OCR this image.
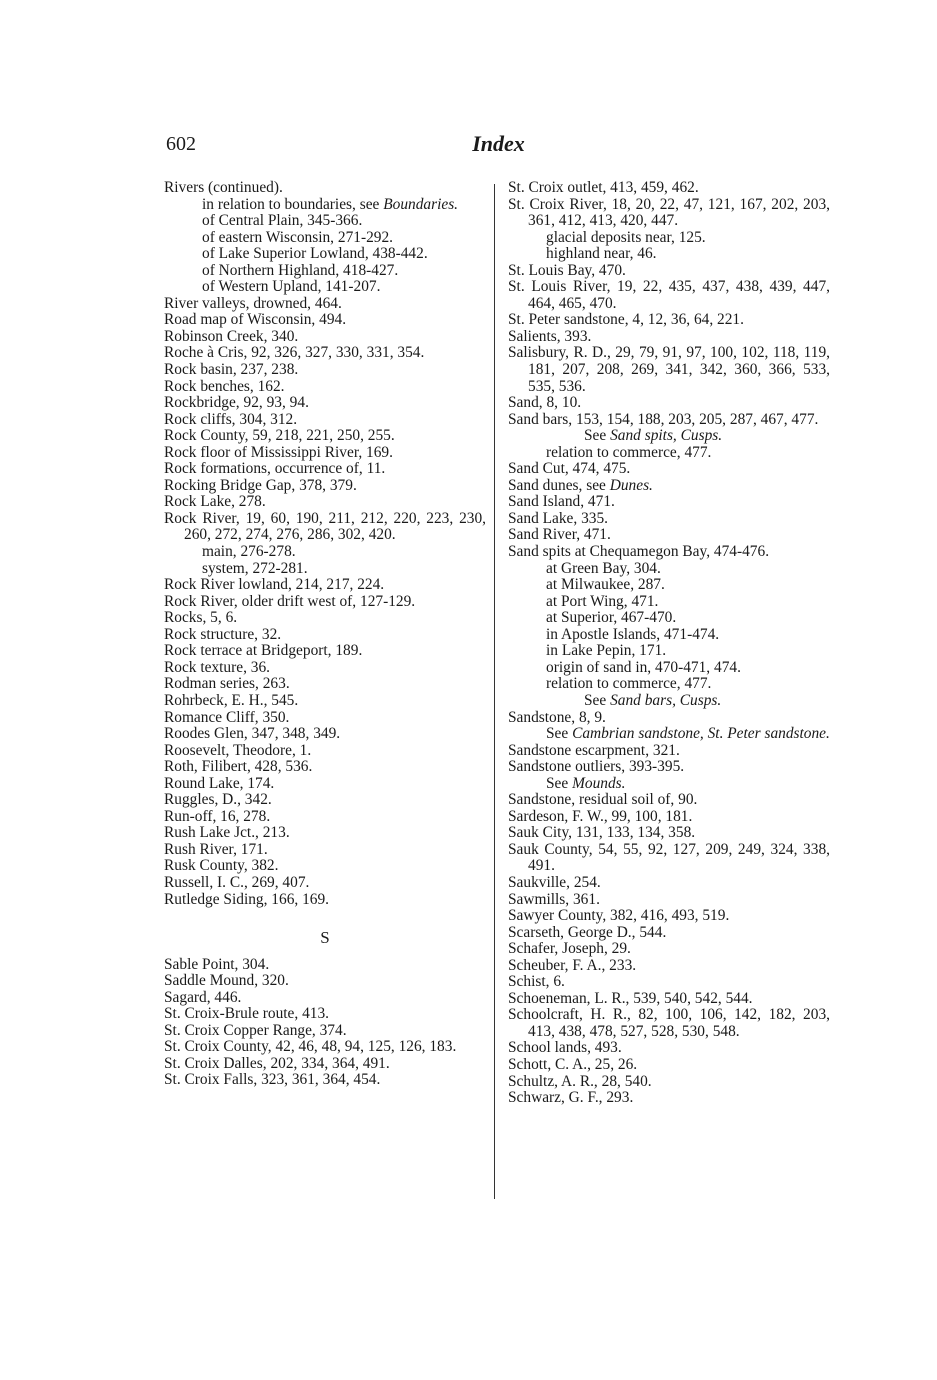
602	Index
Rivers (continued).
in relation to boundaries, see Boundaries.
of Central Plain, 345-366.
of eastern Wisconsin, 271-292.
of Lake Superior Lowland, 438-442.
of Northern Highland, 418-427.
of Western Upland, 141-207.
River valleys, drowned, 464.
Road map of Wisconsin, 494.
Robinson Creek, 340.
Roche à Cris, 92, 326, 327, 330, 331, 354.
Rock basin, 237, 238.
Rock benches, 162.
Rockbridge, 92, 93, 94.
Rock cliffs, 304, 312.
Rock County, 59, 218, 221, 250, 255.
Rock floor of Mississippi River, 169.
Rock formations, occurrence of, 11.
Rocking Bridge Gap, 378, 379.
Rock Lake, 278.
Rock River, 19, 60, 190, 211, 212, 220, 223, 230, 260, 272, 274, 276, 286, 302, 420.
main, 276-278.
system, 272-281.
Rock River lowland, 214, 217, 224.
Rock River, older drift west of, 127-129.
Rocks, 5, 6.
Rock structure, 32.
Rock terrace at Bridgeport, 189.
Rock texture, 36.
Rodman series, 263.
Rohrbeck, E. H., 545.
Romance Cliff, 350.
Roodes Glen, 347, 348, 349.
Roosevelt, Theodore, 1.
Roth, Filibert, 428, 536.
Round Lake, 174.
Ruggles, D., 342.
Run-off, 16, 278.
Rush Lake Jct., 213.
Rush River, 171.
Rusk County, 382.
Russell, I. C., 269, 407.
Rutledge Siding, 166, 169.
S
Sable Point, 304.
Saddle Mound, 320.
Sagard, 446.
St. Croix-Brule route, 413.
St. Croix Copper Range, 374.
St. Croix County, 42, 46, 48, 94, 125, 126, 183.
St. Croix Dalles, 202, 334, 364, 491.
St. Croix Falls, 323, 361, 364, 454.
St. Croix outlet, 413, 459, 462.
St. Croix River, 18, 20, 22, 47, 121, 167, 202, 203, 361, 412, 413, 420, 447.
glacial deposits near, 125.
highland near, 46.
St. Louis Bay, 470.
St. Louis River, 19, 22, 435, 437, 438, 439, 447, 464, 465, 470.
St. Peter sandstone, 4, 12, 36, 64, 221.
Salients, 393.
Salisbury, R. D., 29, 79, 91, 97, 100, 102, 118, 119, 181, 207, 208, 269, 341, 342, 360, 366, 533, 535, 536.
Sand, 8, 10.
Sand bars, 153, 154, 188, 203, 205, 287, 467, 477.
See Sand spits, Cusps.
relation to commerce, 477.
Sand Cut, 474, 475.
Sand dunes, see Dunes.
Sand Island, 471.
Sand Lake, 335.
Sand River, 471.
Sand spits at Chequamegon Bay, 474-476.
at Green Bay, 304.
at Milwaukee, 287.
at Port Wing, 471.
at Superior, 467-470.
in Apostle Islands, 471-474.
in Lake Pepin, 171.
origin of sand in, 470-471, 474.
relation to commerce, 477.
See Sand bars, Cusps.
Sandstone, 8, 9.
See Cambrian sandstone, St. Peter sandstone.
Sandstone escarpment, 321.
Sandstone outliers, 393-395.
See Mounds.
Sandstone, residual soil of, 90.
Sardeson, F. W., 99, 100, 181.
Sauk City, 131, 133, 134, 358.
Sauk County, 54, 55, 92, 127, 209, 249, 324, 338, 491.
Saukville, 254.
Sawmills, 361.
Sawyer County, 382, 416, 493, 519.
Scarseth, George D., 544.
Schafer, Joseph, 29.
Scheuber, F. A., 233.
Schist, 6.
Schoeneman, L. R., 539, 540, 542, 544.
Schoolcraft, H. R., 82, 100, 106, 142, 182, 203, 413, 438, 478, 527, 528, 530, 548.
School lands, 493.
Schott, C. A., 25, 26.
Schultz, A. R., 28, 540.
Schwarz, G. F., 293.
